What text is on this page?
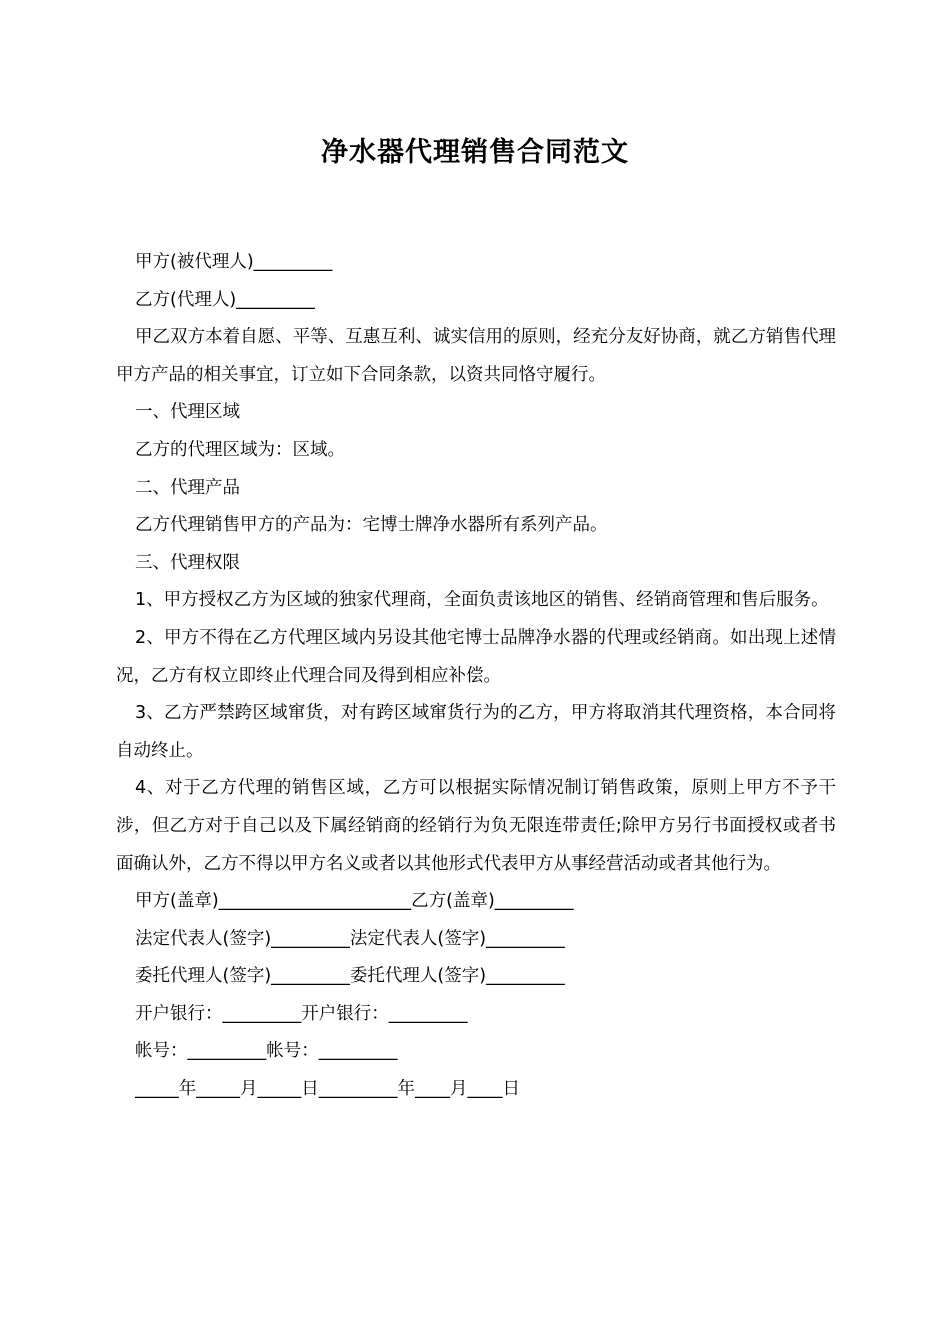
净水器代理销售合同范文

甲方(被代理人)_________

乙方(代理人)_________

甲乙双方本着自愿、平等、互惠互利、诚实信用的原则，经充分友好协商，就乙方销售代理甲方产品的相关事宜，订立如下合同条款，以资共同恪守履行。

一、代理区域

乙方的代理区域为：区域。

二、代理产品

乙方代理销售甲方的产品为：宅博士牌净水器所有系列产品。

三、代理权限

1、甲方授权乙方为区域的独家代理商，全面负责该地区的销售、经销商管理和售后服务。

2、甲方不得在乙方代理区域内另设其他宅博士品牌净水器的代理或经销商。如出现上述情况，乙方有权立即终止代理合同及得到相应补偿。

3、乙方严禁跨区域窜货，对有跨区域窜货行为的乙方，甲方将取消其代理资格，本合同将自动终止。

4、对于乙方代理的销售区域，乙方可以根据实际情况制订销售政策，原则上甲方不予干涉，但乙方对于自己以及下属经销商的经销行为负无限连带责任;除甲方另行书面授权或者书面确认外，乙方不得以甲方名义或者以其他形式代表甲方从事经营活动或者其他行为。

甲方(盖章)______________________乙方(盖章)_________

法定代表人(签字)_________法定代表人(签字)_________

委托代理人(签字)_________委托代理人(签字)_________

开户银行：_________开户银行：_________

帐号：_________帐号：_________

_____年_____月_____日_________年____月____日
